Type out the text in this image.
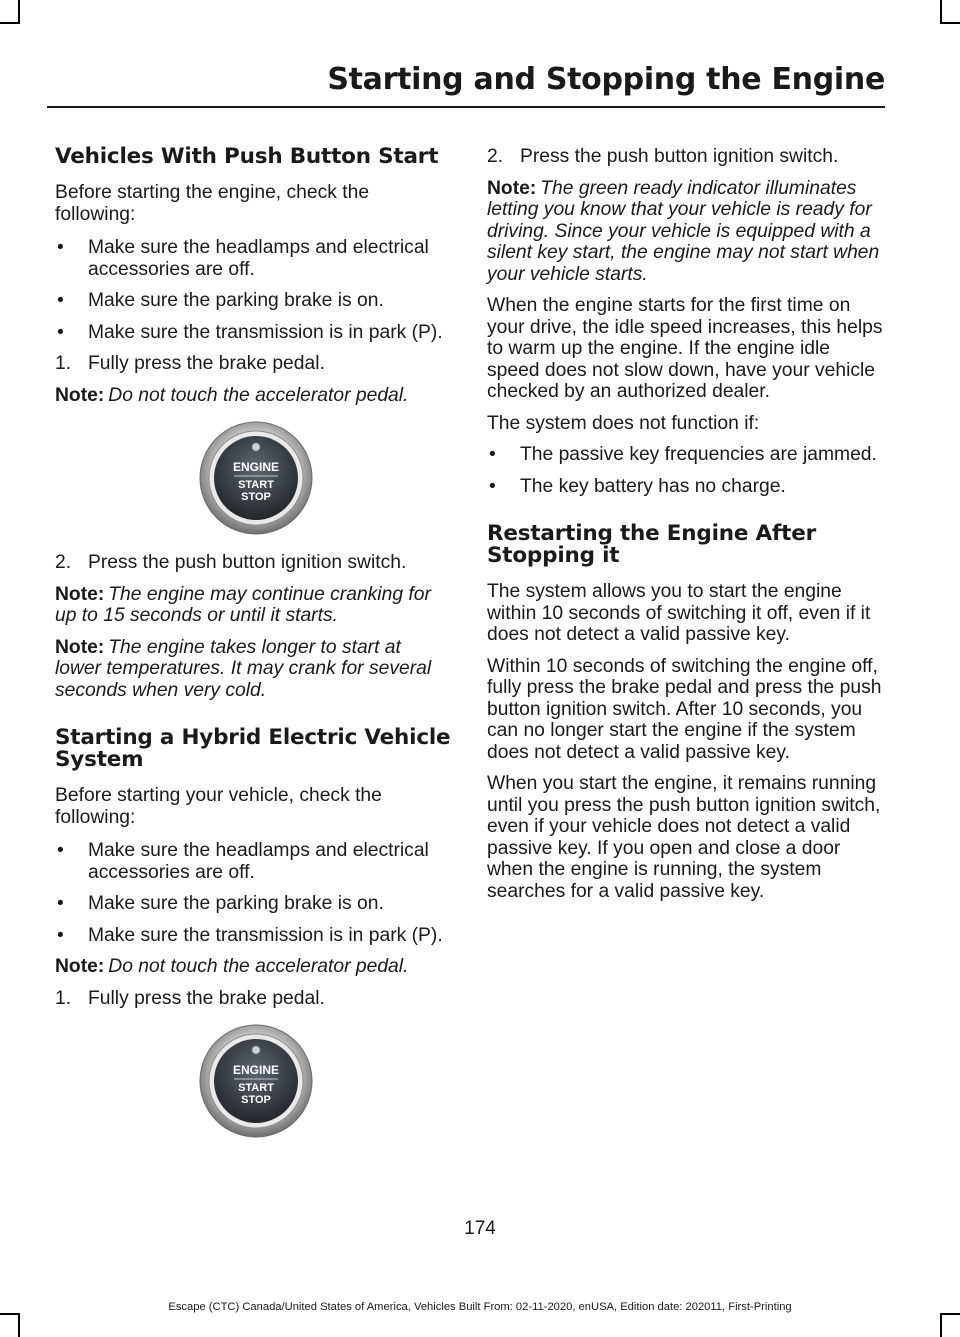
Starting and Stopping the Engine
Vehicles With Push Button Start

Before starting the engine, check the following:

• Make sure the headlamps and electrical accessories are off.
• Make sure the parking brake is on.
• Make sure the transmission is in park (P).
1. Fully press the brake pedal.
Note: Do not touch the accelerator pedal.
ENGINE
START
STOP
2. Press the push button ignition switch.
Note: The engine may continue cranking for up to 15 seconds or until it starts.
Note: The engine takes longer to start at lower temperatures. It may crank for several seconds when very cold.
Starting a Hybrid Electric Vehicle System

Before starting your vehicle, check the following:

• Make sure the headlamps and electrical accessories are off.
• Make sure the parking brake is on.
• Make sure the transmission is in park (P).
Note: Do not touch the accelerator pedal.
1. Fully press the brake pedal.
ENGINE
START
STOP
2. Press the push button ignition switch.
Note: The green ready indicator illuminates letting you know that your vehicle is ready for driving. Since your vehicle is equipped with a silent key start, the engine may not start when your vehicle starts.

When the engine starts for the first time on your drive, the idle speed increases, this helps to warm up the engine. If the engine idle speed does not slow down, have your vehicle checked by an authorized dealer.

The system does not function if:

• The passive key frequencies are jammed.
• The key battery has no charge.
Restarting the Engine After Stopping it

The system allows you to start the engine within 10 seconds of switching it off, even if it does not detect a valid passive key.

Within 10 seconds of switching the engine off, fully press the brake pedal and press the push button ignition switch. After 10 seconds, you can no longer start the engine if the system does not detect a valid passive key.

When you start the engine, it remains running until you press the push button ignition switch, even if your vehicle does not detect a valid passive key. If you open and close a door when the engine is running, the system searches for a valid passive key.

174
Escape (CTC) Canada/United States of America, Vehicles Built From: 02-11-2020, enUSA, Edition date: 202011, First-Printing
